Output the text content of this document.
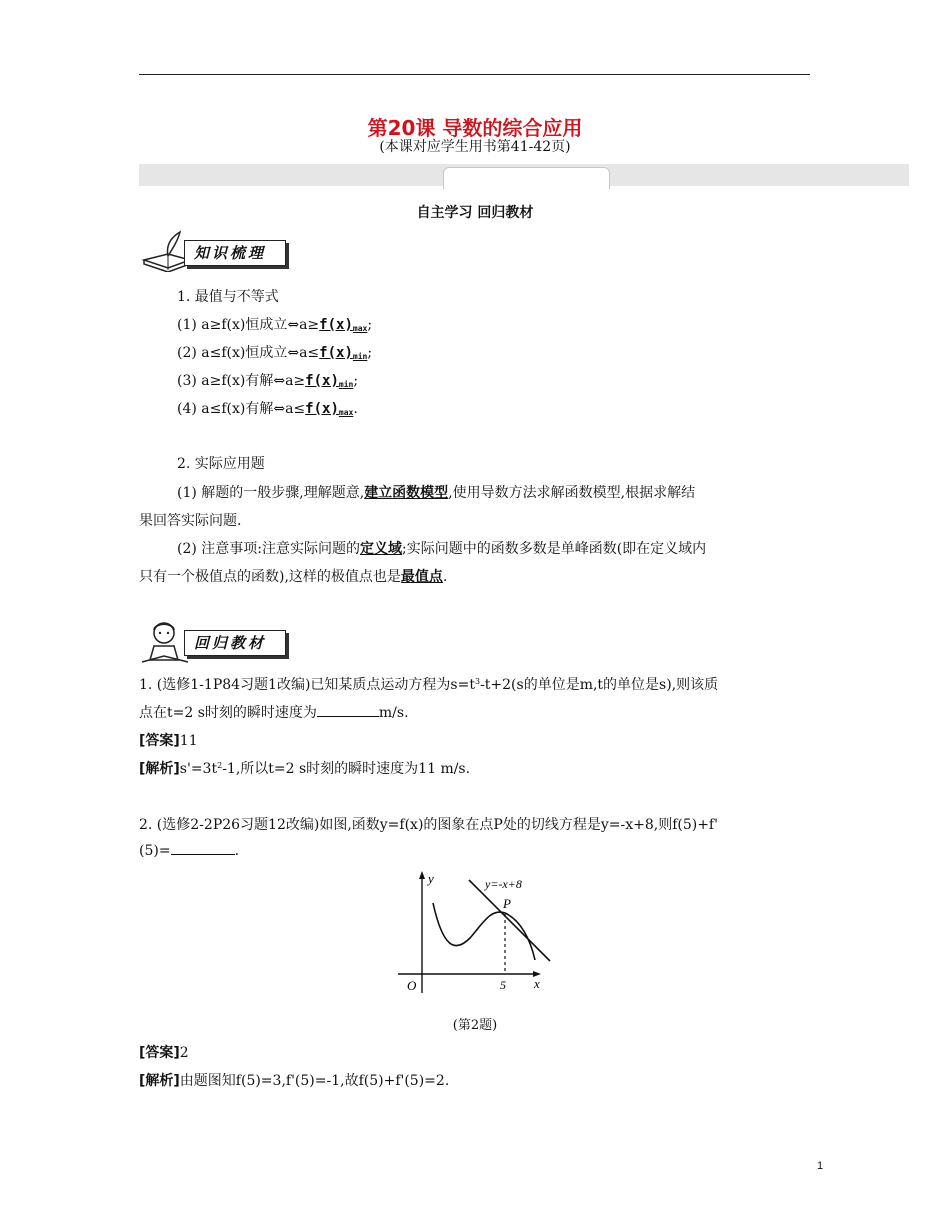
第20课 导数的综合应用
(本课对应学生用书第41-42页)
自主学习 回归教材
知识梳理
1. 最值与不等式
(1) a≥f(x)恒成立$\Leftrightarrow a\ge f(x)_{max}$;
(2) a≤f(x)恒成立$\Leftrightarrow a\le f(x)_{min}$;
(3) a≥f(x)有解$\Leftrightarrow a\ge f(x)_{min}$;
(4) a≤f(x)有解$\Leftrightarrow a\le f(x)_{max}$.
2. 实际应用题
(1) 解题的一般步骤,理解题意,建立函数模型,使用导数方法求解函数模型,根据求解结
果回答实际问题.
(2) 注意事项:注意实际问题的定义域;实际问题中的函数多数是单峰函数(即在定义域内
只有一个极值点的函数),这样的极值点也是最值点.
回归教材
1. (选修1-1P84习题1改编)已知某质点运动方程为$s=t^3-t+2(s$的单位是m,t的单位是s),则该质
点在t=2 s时刻的瞬时速度为	m/s.
[答案]11
[解析]$s'=3t^2-1$,所以t=2 s时刻的瞬时速度为11 m/s.
2. (选修2-2P26习题12改编)如图,函数y=f(x)的图象在点P处的切线方程是y=-x+8,则f(5)+f'
(5)=	.
y
x
O
y=-x+8
P
5
(第2题)
[答案]2
[解析]由题图知f(5)=3,f'(5)=-1,故f(5)+f'(5)=2.
1
